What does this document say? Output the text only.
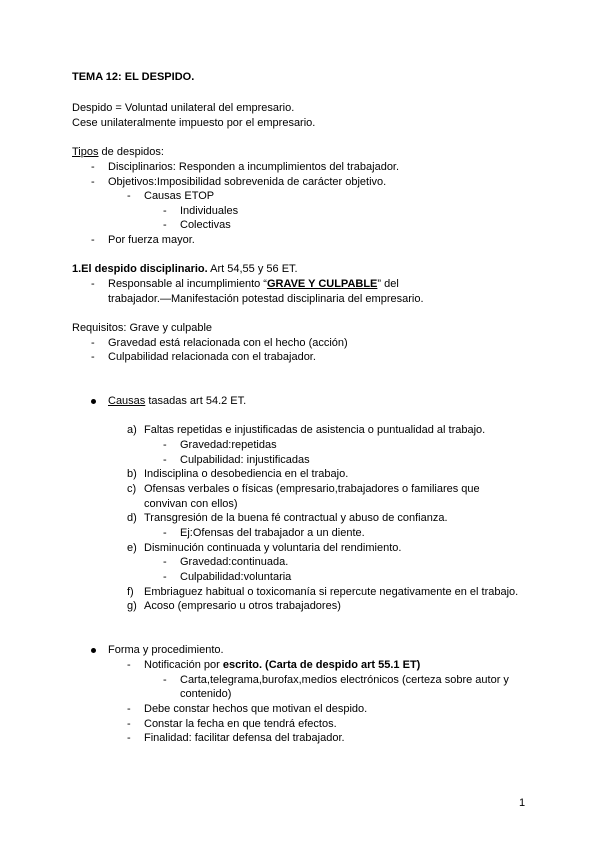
TEMA 12: EL DESPIDO.
Despido = Voluntad unilateral del empresario.
Cese unilateralmente impuesto por el empresario.
Tipos de despidos:
- Disciplinarios: Responden a incumplimientos del trabajador.
- Objetivos:Imposibilidad sobrevenida de carácter objetivo.
- Causas ETOP
- Individuales
- Colectivas
- Por fuerza mayor.
1.El despido disciplinario. Art 54,55 y 56 ET.
- Responsable al incumplimiento “GRAVE Y CULPABLE” del
trabajador.—Manifestación potestad disciplinaria del empresario.
Requisitos: Grave y culpable
- Gravedad está relacionada con el hecho (acción)
- Culpabilidad relacionada con el trabajador.
Causas tasadas art 54.2 ET.
a) Faltas repetidas e injustificadas de asistencia o puntualidad al trabajo.
- Gravedad:repetidas
- Culpabilidad: injustificadas
b) Indisciplina o desobediencia en el trabajo.
c) Ofensas verbales o físicas (empresario,trabajadores o familiares que
convivan con ellos)
d) Transgresión de la buena fé contractual y abuso de confianza.
- Ej:Ofensas del trabajador a un diente.
e) Disminución continuada y voluntaria del rendimiento.
- Gravedad:continuada.
- Culpabilidad:voluntaria
f) Embriaguez habitual o toxicomanía si repercute negativamente en el trabajo.
g) Acoso (empresario u otros trabajadores)
Forma y procedimiento.
- Notificación por escrito. (Carta de despido art 55.1 ET)
- Carta,telegrama,burofax,medios electrónicos (certeza sobre autor y
contenido)
- Debe constar hechos que motivan el despido.
- Constar la fecha en que tendrá efectos.
- Finalidad: facilitar defensa del trabajador.
1
